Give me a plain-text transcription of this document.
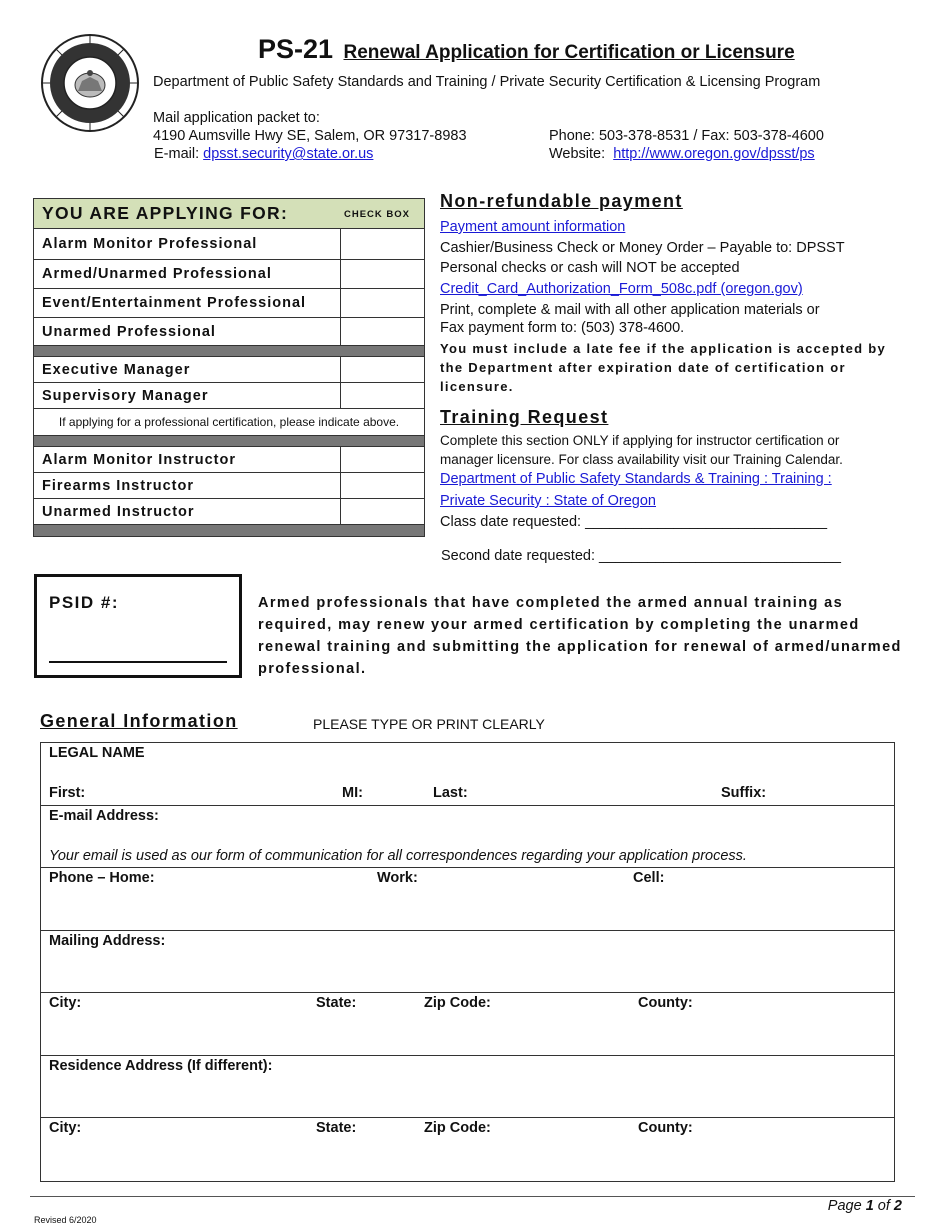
PS-21 Renewal Application for Certification or Licensure
Department of Public Safety Standards and Training / Private Security Certification & Licensing Program
Mail application packet to:
4190 Aumsville Hwy SE, Salem, OR 97317-8983
E-mail: dpsst.security@state.or.us
Phone: 503-378-8531 / Fax: 503-378-4600
Website: http://www.oregon.gov/dpsst/ps
YOU ARE APPLYING FOR:	CHECK BOX
Alarm Monitor Professional
Armed/Unarmed Professional
Event/Entertainment Professional
Unarmed Professional
Executive Manager
Supervisory Manager
If applying for a professional certification, please indicate above.
Alarm Monitor Instructor
Firearms Instructor
Unarmed Instructor
Non-refundable payment
Payment amount information
Cashier/Business Check or Money Order – Payable to: DPSST
Personal checks or cash will NOT be accepted
Credit_Card_Authorization_Form_508c.pdf (oregon.gov)
Print, complete & mail with all other application materials or
Fax payment form to: (503) 378-4600.
You must include a late fee if the application is accepted by the Department after expiration date of certification or licensure.
Training Request
Complete this section ONLY if applying for instructor certification or
manager licensure. For class availability visit our Training Calendar.
Department of Public Safety Standards & Training : Training :
Private Security : State of Oregon
Class date requested: ______________________________
Second date requested: ______________________________
PSID #:	Armed professionals that have completed the armed annual training as required, may renew your armed certification by completing the unarmed renewal training and submitting the application for renewal of armed/unarmed professional.
General Information	PLEASE TYPE OR PRINT CLEARLY
LEGAL NAME
First:	MI:	Last:	Suffix:
E-mail Address:
Your email is used as our form of communication for all correspondences regarding your application process.
Phone – Home:	Work:	Cell:
Mailing Address:
City:	State:	Zip Code:	County:
Residence Address (If different):
City:	State:	Zip Code:	County:
Page 1 of 2
Revised 6/2020
